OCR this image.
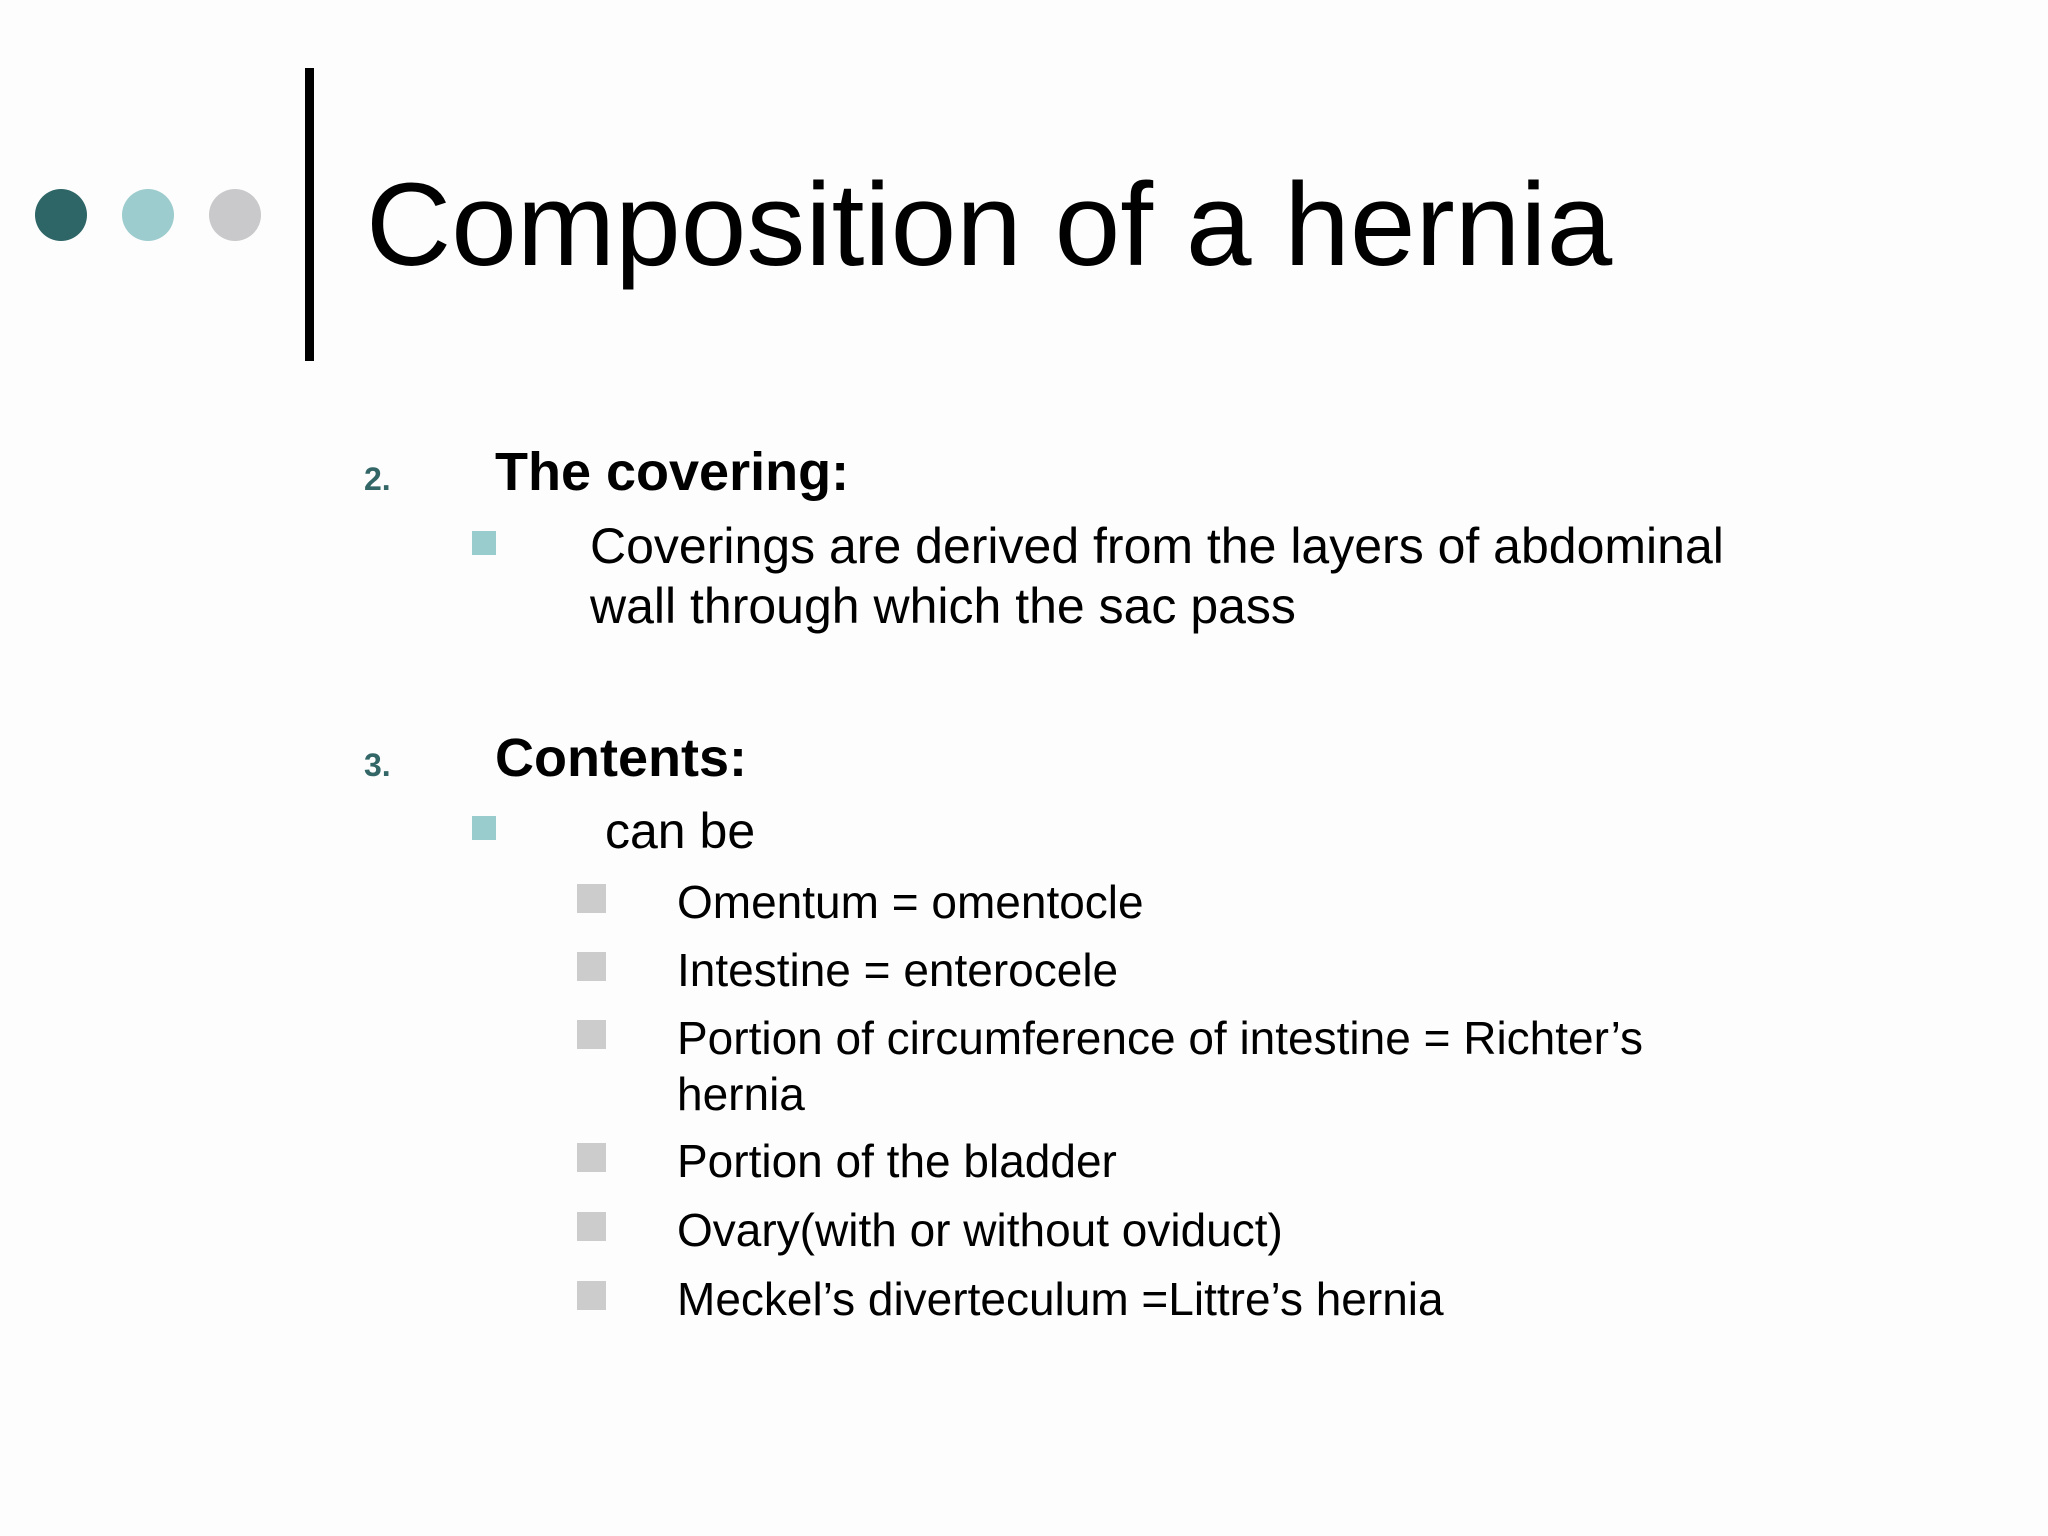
Composition of a hernia
2. The covering:
Coverings are derived from the layers of abdominal
wall through which the sac pass
3. Contents:
can be
Omentum = omentocle
Intestine = enterocele
Portion of circumference of intestine = Richter’s
hernia
Portion of the bladder
Ovary(with or without oviduct)
Meckel’s diverteculum =Littre’s hernia
